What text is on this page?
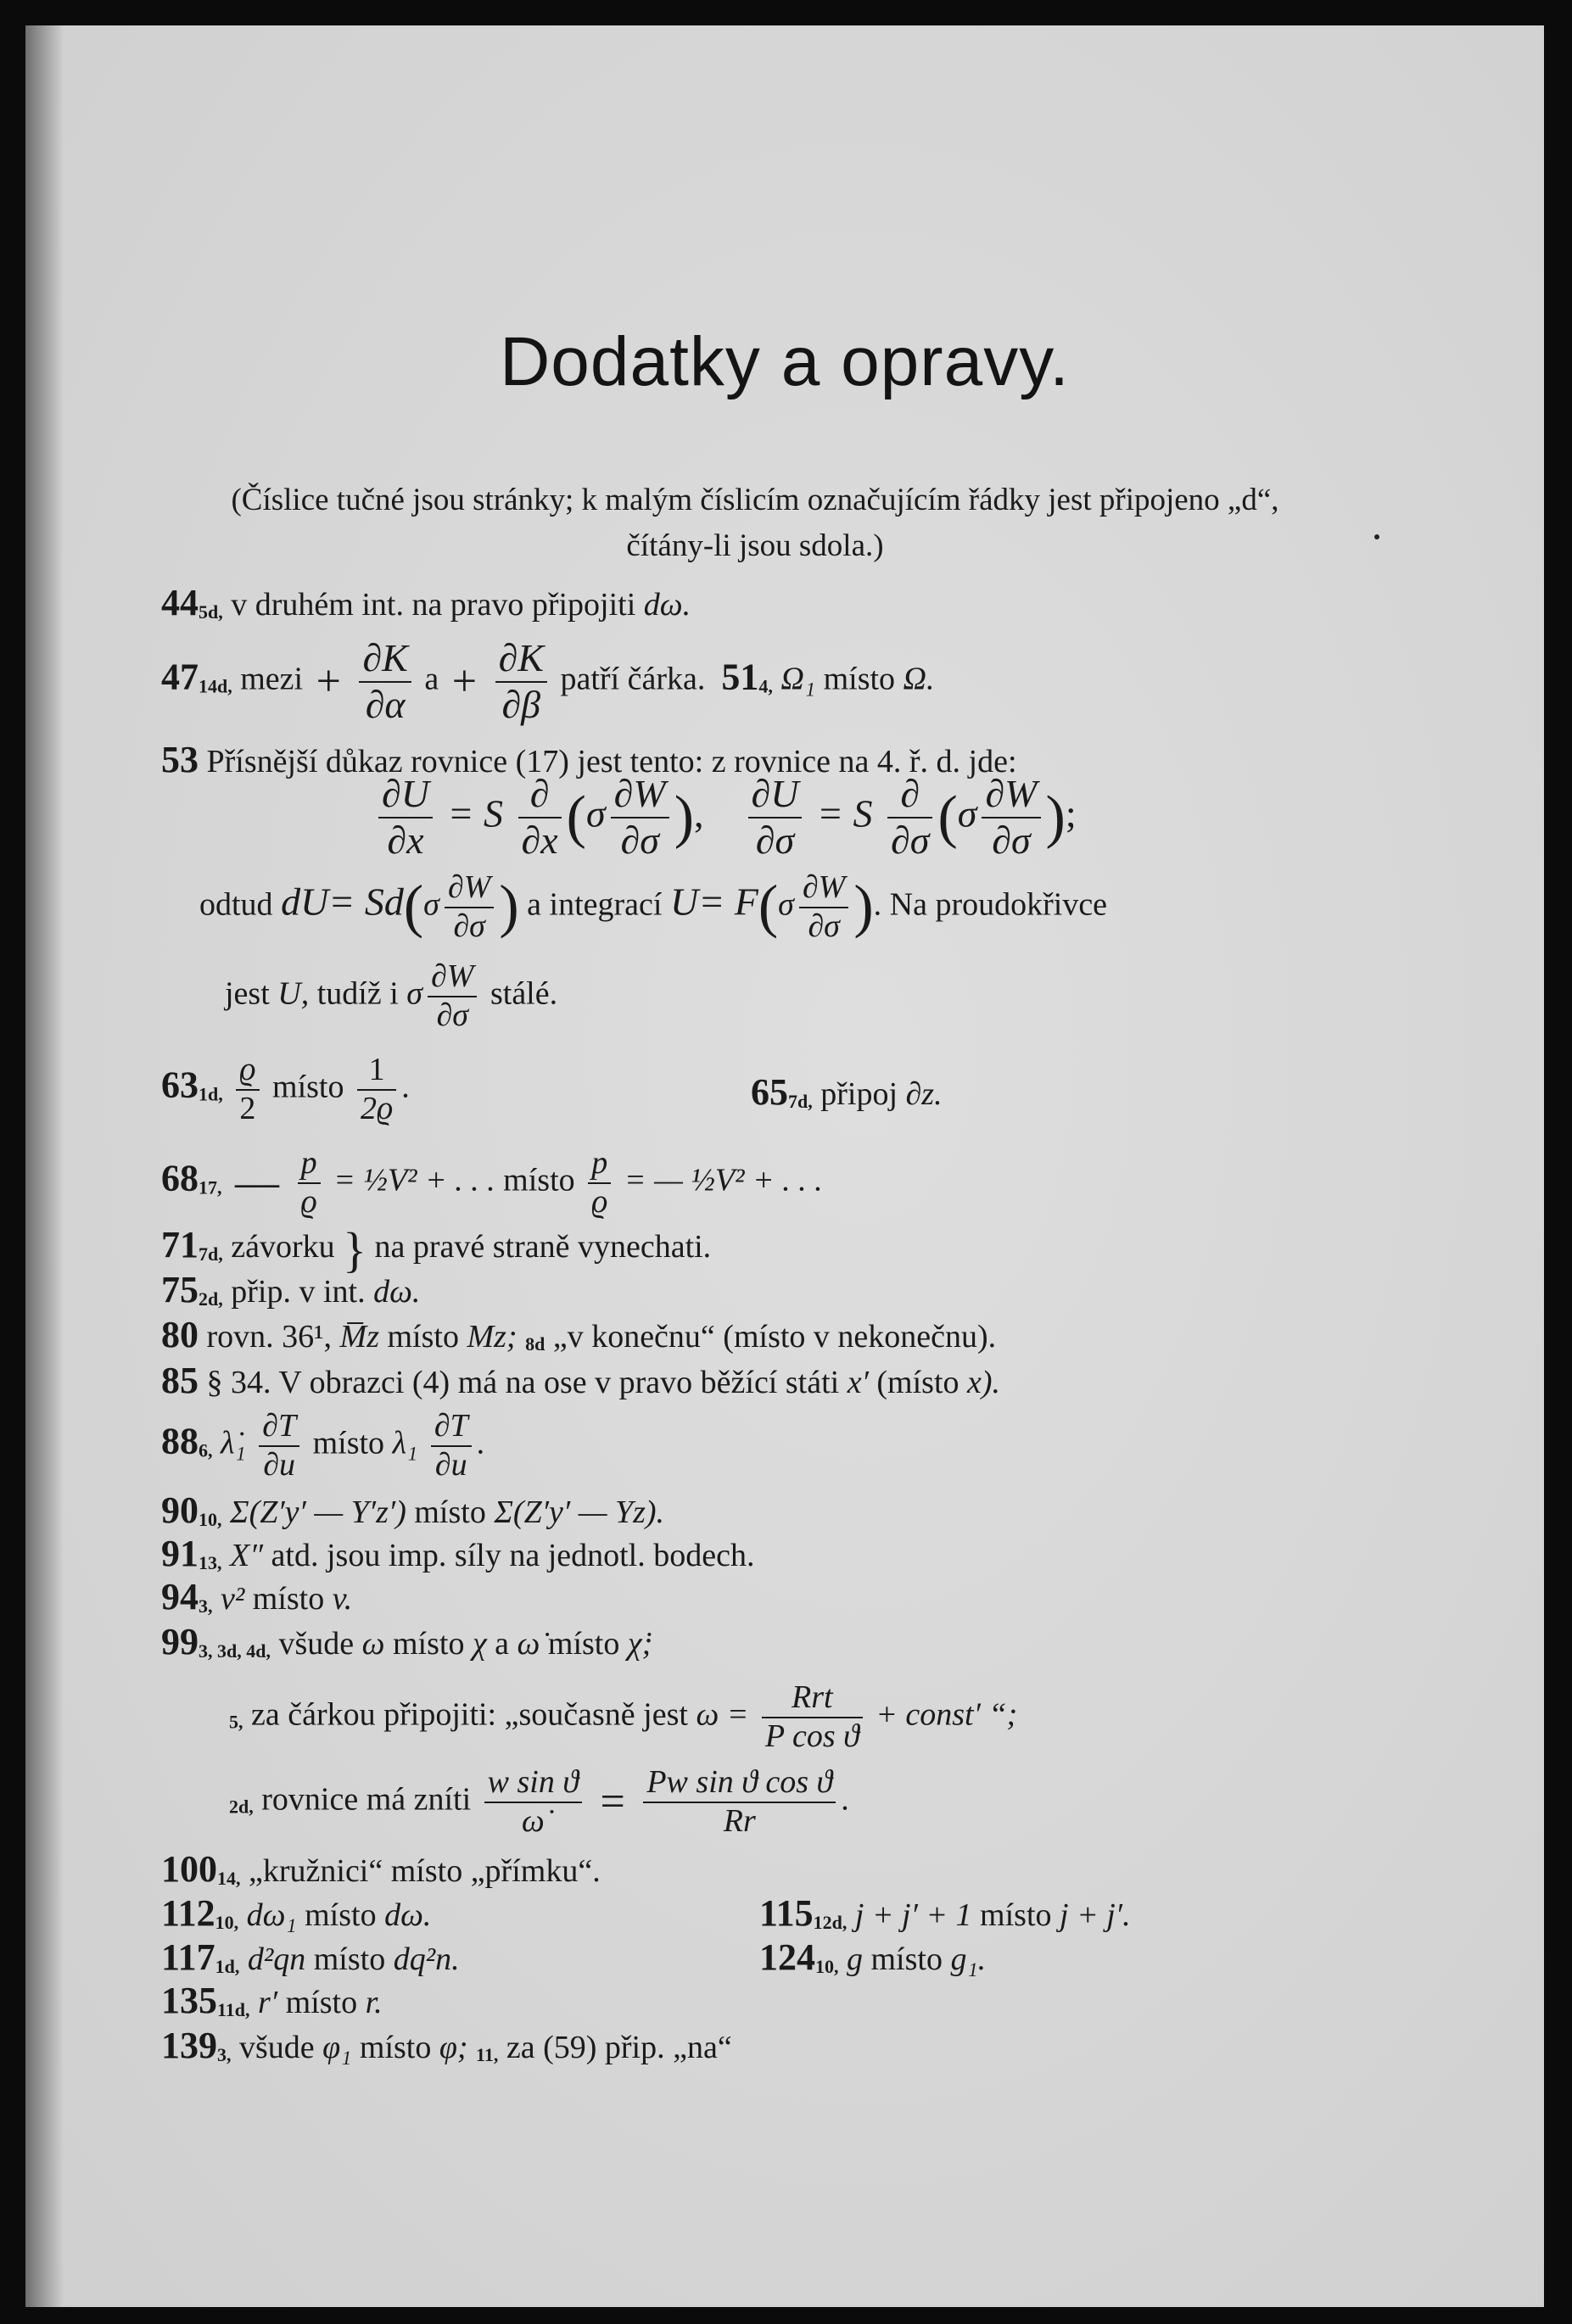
Dodatky a opravy.
(Číslice tučné jsou stránky; k malým číslicím označujícím řádky jest připojeno „d“, čítány-li jsou sdola.)
445d, v druhém int. na pravo připojiti dω.
4714d, mezi + $\frac{\partial K}{\partial\alpha}$ $a + \frac{\partial K}{\partial\beta}$ patří čárka. 514, Ω₁ místo Ω.
53 Přísnější důkaz rovnice (17) jest tento: z rovnice na 4. ř. d. jde:
$\frac{\partial U}{\partial x} = S \frac{\partial}{\partial x} (\sigma \frac{\partial W}{\partial\sigma}$ ), $\frac{\partial U}{\partial\sigma} = S \frac{\partial}{\partial\sigma} (\sigma \frac{\partial W}{\partial\sigma}$ );
odtud $dU= Sd(\sigma \frac{\partial W}{\partial\sigma}$ ) a integrací $U= F(\sigma \frac{\partial W}{\partial\sigma}$ ). Na proudokřivce
jest U, tudíž i σ $\frac{\partial W}{\partial\sigma}$ stálé.
631d, $\frac{ϱ}{2}$ místo $\frac{1}{2ϱ}$ .	657d, připoj ∂z.
6817, — $\frac{p}{ϱ}$ = ½V² + . . . místo $\frac{p}{ϱ}$ = — ½V² + . . .
717d, závorku } na pravé straně vynechati.
752d, přip. v int. dω.
80 rovn. 36¹, M̅z místo Mz; 8d „v konečnu“ (místo v nekonečnu).
85 § 34. V obrazci (4) má na ose v pravo běžící státi x′ (místo x).
886, λ̇₁ $\frac{\partial T}{\partial u}$ místo $\lambda_1 \frac{\partial T}{\partial u}$ .
9010, Σ(Z′y′ — Y′z′) místo Σ(Z′y′ — Yz).
9113, X″ atd. jsou imp. síly na jednotl. bodech.
943, v² místo v.
993, 3d, 4d, všude ω místo χ a ω̇ místo χ̇;
5, za čárkou připojiti: „současně jest $\omega = \frac{\text{Rrt}}{\text{P cos ϑ}}$ + const′ “;
2d, rovnice má zníti $\frac{\text{w sin ϑ}}{\omegȧ} = \frac{\text{Pw sin ϑ cos ϑ}}{Rr}$ .
10014, „kružnici“ místo „přímku“.
11210, dω₁ místo dω.	11512d, j + j′ + 1 místo j + j′.
1171d, d²qn místo dq²n.	12410, g místo g₁.
13511d, r′ místo r.
1393, všude φ₁ místo φ; 11, za (59) přip. „na“
